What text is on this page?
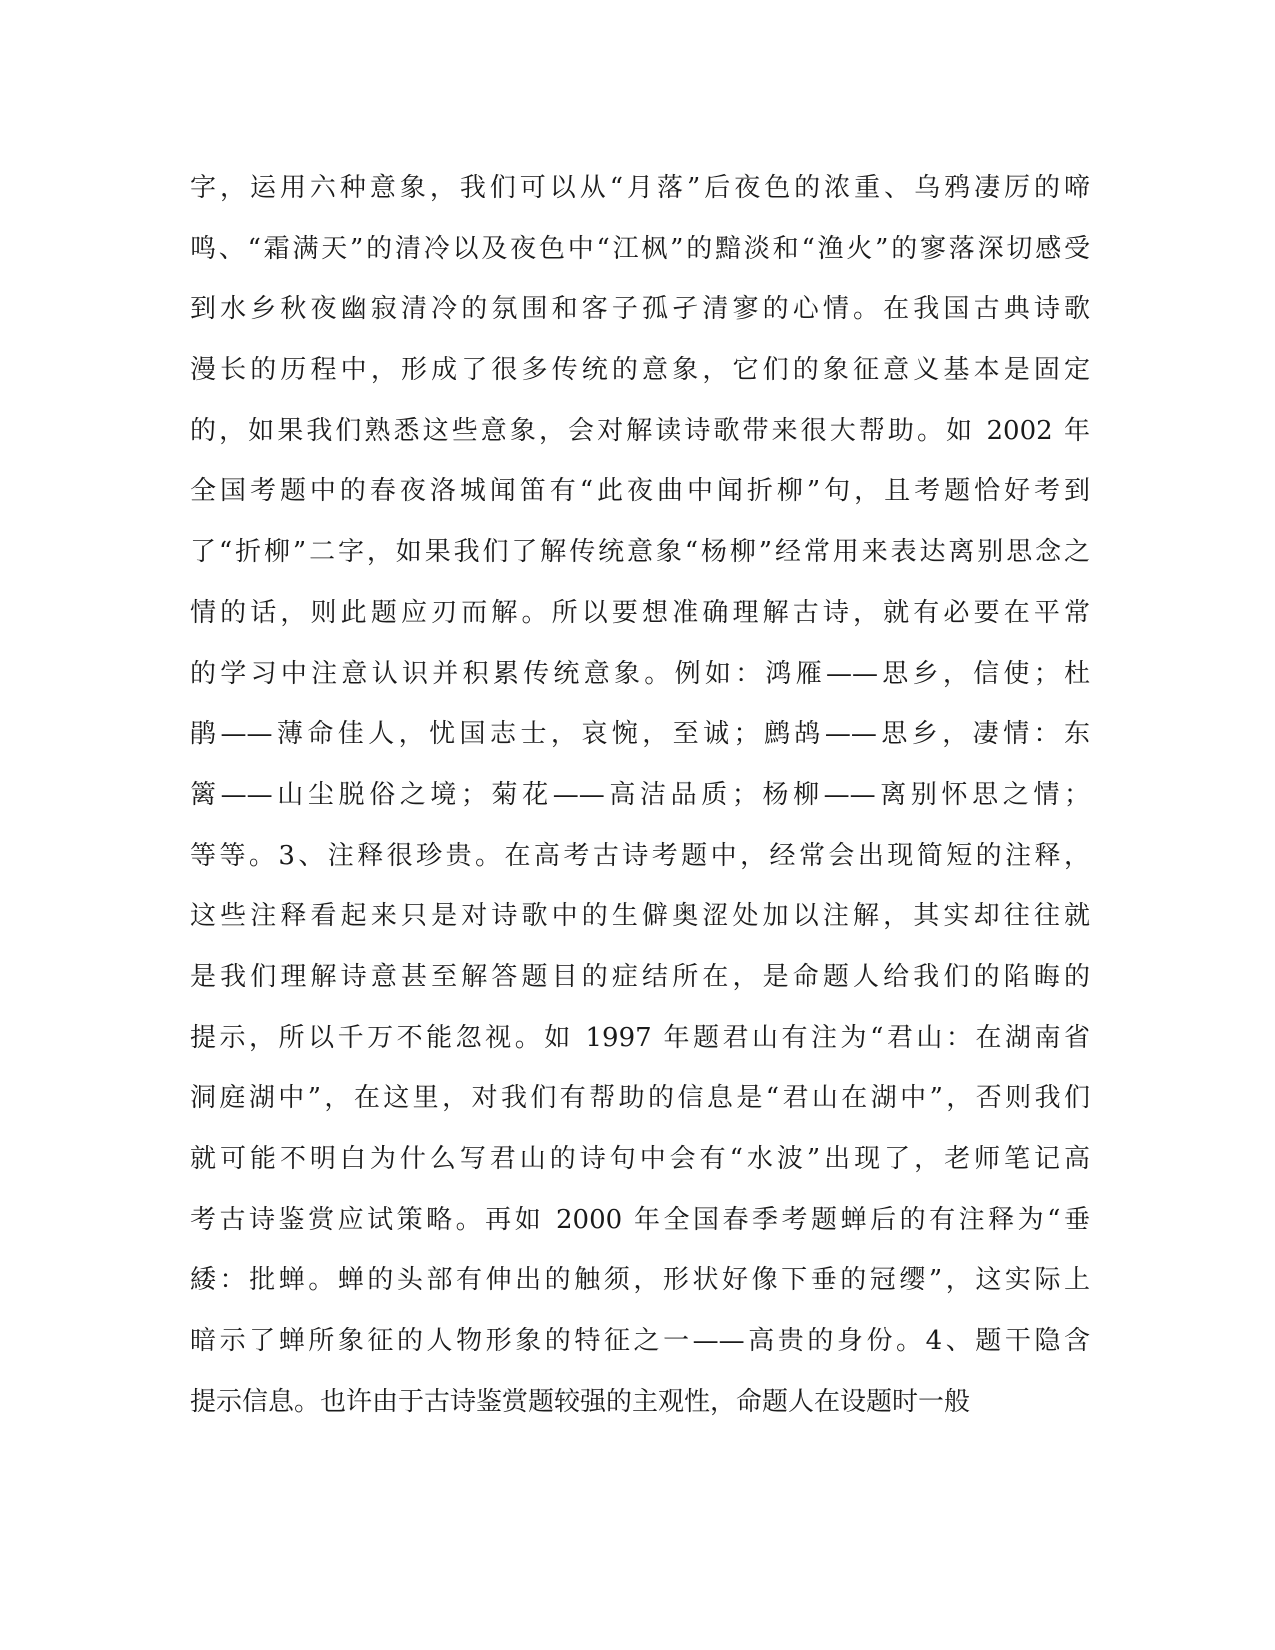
字，运用六种意象，我们可以从“月落”后夜色的浓重、乌鸦凄厉的啼
鸣、“霜满天”的清冷以及夜色中“江枫”的黯淡和“渔火”的寥落深切感受
到水乡秋夜幽寂清冷的氛围和客子孤孑清寥的心情。在我国古典诗歌
漫长的历程中，形成了很多传统的意象，它们的象征意义基本是固定
的，如果我们熟悉这些意象，会对解读诗歌带来很大帮助。如 2002 年
全国考题中的春夜洛城闻笛有“此夜曲中闻折柳”句，且考题恰好考到
了“折柳”二字，如果我们了解传统意象“杨柳”经常用来表达离别思念之
情的话，则此题应刃而解。所以要想准确理解古诗，就有必要在平常
的学习中注意认识并积累传统意象。例如：鸿雁——思乡，信使；杜
鹃——薄命佳人，忧国志士，哀惋，至诚；鹧鸪——思乡，凄情：东
篱——山尘脱俗之境；菊花——高洁品质；杨柳——离别怀思之情；
等等。3、注释很珍贵。在高考古诗考题中，经常会出现简短的注释，
这些注释看起来只是对诗歌中的生僻奥涩处加以注解，其实却往往就
是我们理解诗意甚至解答题目的症结所在，是命题人给我们的陷晦的
提示，所以千万不能忽视。如 1997 年题君山有注为“君山：在湖南省
洞庭湖中”，在这里，对我们有帮助的信息是“君山在湖中”，否则我们
就可能不明白为什么写君山的诗句中会有“水波”出现了，老师笔记高
考古诗鉴赏应试策略。再如 2000 年全国春季考题蝉后的有注释为“垂
緌：批蝉。蝉的头部有伸出的触须，形状好像下垂的冠缨”，这实际上
暗示了蝉所象征的人物形象的特征之一——高贵的身份。4、题干隐含
提示信息。也许由于古诗鉴赏题较强的主观性，命题人在设题时一般
